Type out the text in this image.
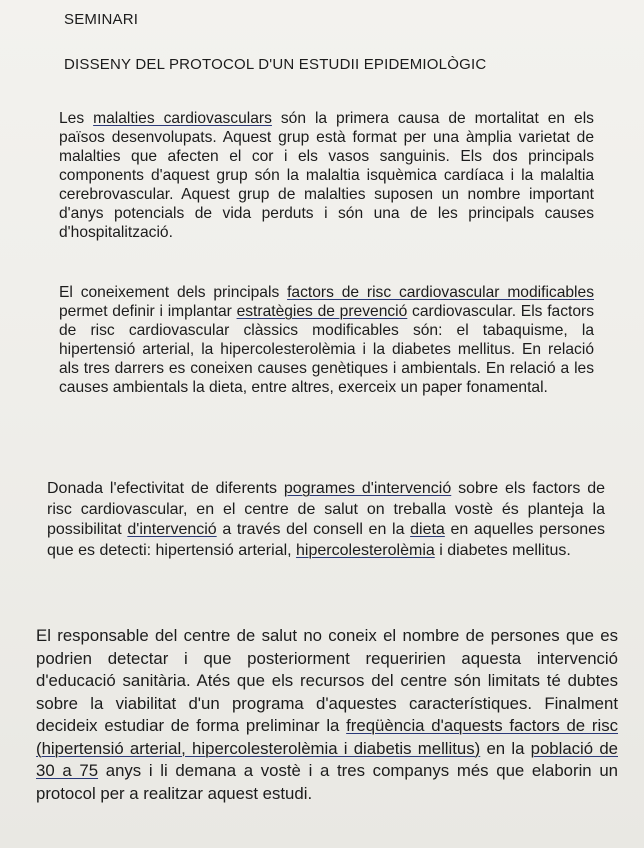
SEMINARI
DISSENY DEL PROTOCOL D'UN ESTUDII EPIDEMIOLÒGIC

Les malalties cardiovasculars són la primera causa de mortalitat en els països desenvolupats. Aquest grup està format per una àmplia varietat de malalties que afecten el cor i els vasos sanguinis. Els dos principals components d'aquest grup són la malaltia isquèmica cardíaca i la malaltia cerebrovascular. Aquest grup de malalties suposen un nombre important d'anys potencials de vida perduts i són una de les principals causes d'hospitalització.

El coneixement dels principals factors de risc cardiovascular modificables permet definir i implantar estratègies de prevenció cardiovascular. Els factors de risc cardiovascular clàssics modificables són: el tabaquisme, la hipertensió arterial, la hipercolesterolèmia i la diabetes mellitus. En relació als tres darrers es coneixen causes genètiques i ambientals. En relació a les causes ambientals la dieta, entre altres, exerceix un paper fonamental.

Donada l'efectivitat de diferents pogrames d'intervenció sobre els factors de risc cardiovascular, en el centre de salut on treballa vostè és planteja la possibilitat d'intervenció a través del consell en la dieta en aquelles persones que es detecti: hipertensió arterial, hipercolesterolèmia i diabetes mellitus.

El responsable del centre de salut no coneix el nombre de persones que es podrien detectar i que posteriorment requeririen aquesta intervenció d'educació sanitària. Atés que els recursos del centre són limitats té dubtes sobre la viabilitat d'un programa d'aquestes característiques. Finalment decideix estudiar de forma preliminar la freqüència d'aquests factors de risc (hipertensió arterial, hipercolesterolèmia i diabetis mellitus) en la població de 30 a 75 anys i li demana a vostè i a tres companys més que elaborin un protocol per a realitzar aquest estudi.
